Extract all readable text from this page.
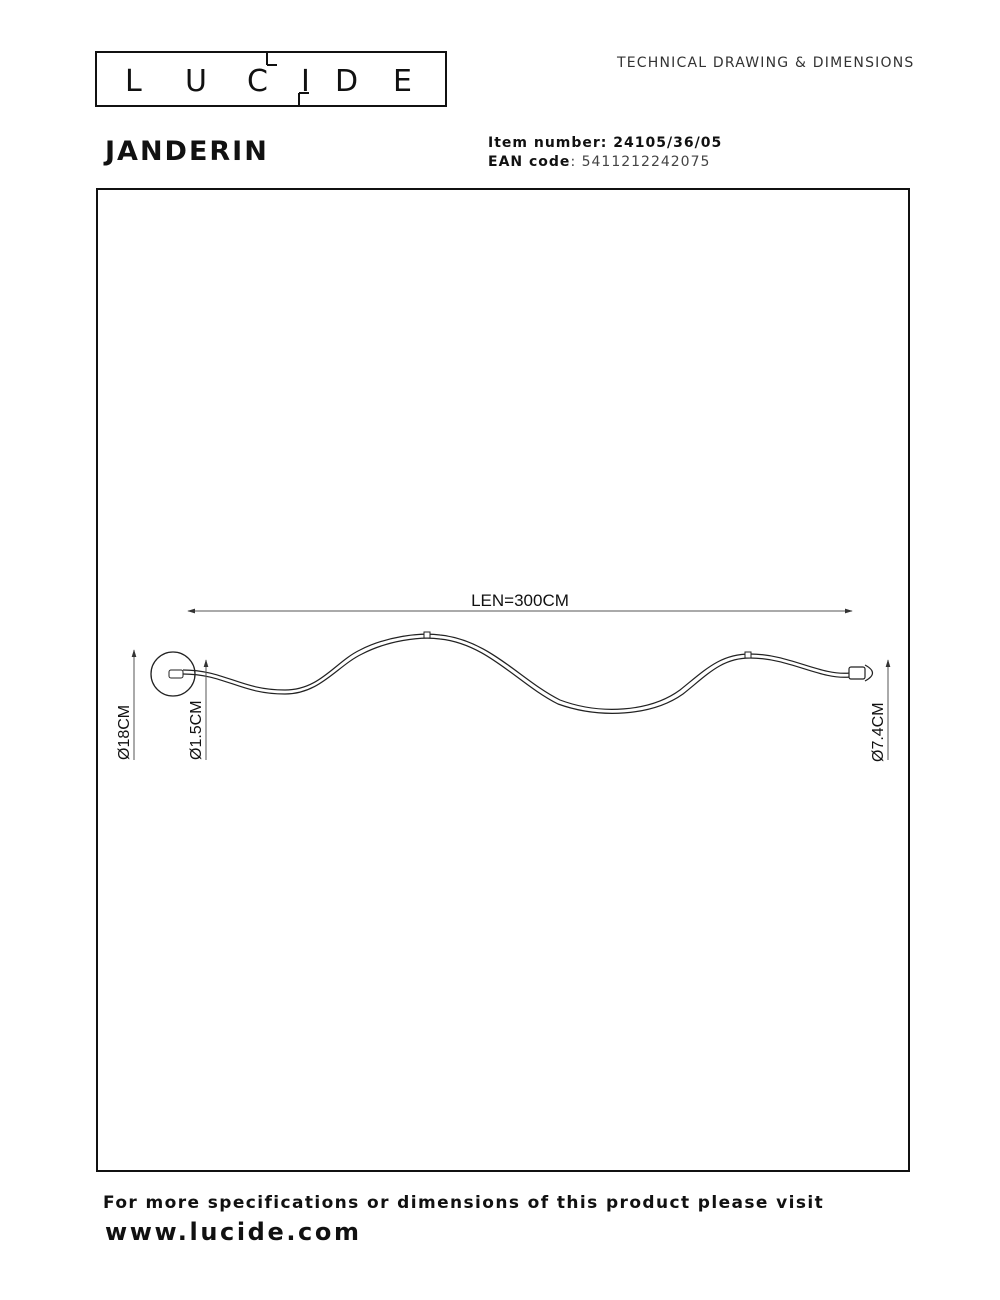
L U C I D E
TECHNICAL DRAWING & DIMENSIONS
JANDERIN	Item number: 24105/36/05
EAN code: 5411212242075
LEN=300CM
Ø18CM	Ø1.5CM	Ø7.4CM
For more specifications or dimensions of this product please visit
www.lucide.com
